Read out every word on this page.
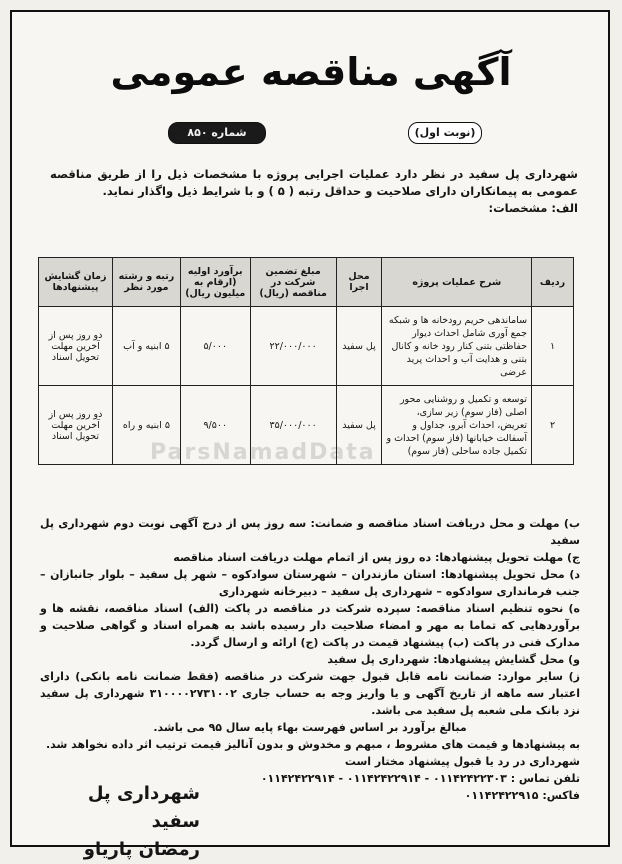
آگهی مناقصه عمومی
(نوبت اول)
شماره ۸۵۰

شهرداری پل سفید در نظر دارد عملیات اجرایی پروژه با مشخصات ذیل را از طریق مناقصه عمومی به پیمانکاران دارای صلاحیت و حداقل رتبه ( ۵ ) و با شرایط ذیل واگذار نماید.

الف: مشخصات:

ParsNamadData
ردیف	شرح عملیات پروژه	محل اجرا	مبلغ تضمین شرکت در مناقصه (ریال)	برآورد اولیه (ارقام به میلیون ریال)	رتبه و رشته مورد نظر	زمان گشایش پیشنهادها
۱	ساماندهی حریم رودخانه ها و شبکه جمع آوری شامل احداث دیوار حفاظتی بتنی کنار رود خانه و کانال بتنی و هدایت آب و احداث پرید عرضی	پل سفید	۲۲/۰۰۰/۰۰۰	۵/۰۰۰	۵ ابنیه و آب	دو روز پس از آخرین مهلت تحویل اسناد
۲	توسعه و تکمیل و روشنایی محور اصلی (فاز سوم) زیر سازی، تعریض، احداث آبرو، جداول و آسفالت خیابانها (فاز سوم) احداث و تکمیل جاده ساحلی (فاز سوم)	پل سفید	۳۵/۰۰۰/۰۰۰	۹/۵۰۰	۵ ابنیه و راه	دو روز پس از آخرین مهلت تحویل اسناد

ب) مهلت و محل دریافت اسناد مناقصه و ضمانت: سه روز پس از درج آگهی نوبت دوم شهرداری پل سفید

ج) مهلت تحویل پیشنهادها: ده روز پس از اتمام مهلت دریافت اسناد مناقصه

د) محل تحویل پیشنهادها: استان مازندران – شهرستان سوادکوه – شهر پل سفید – بلوار جانبازان – جنب فرمانداری سوادکوه – شهرداری پل سفید – دبیرخانه شهرداری

ه) نحوه تنظیم اسناد مناقصه: سپرده شرکت در مناقصه در پاکت (الف) اسناد مناقصه، نقشه ها و برآوردهایی که تماما به مهر و امضاء صلاحیت دار رسیده باشد به همراه اسناد و گواهی صلاحیت و مدارک فنی در پاکت (ب) پیشنهاد قیمت در پاکت (ج) ارائه و ارسال گردد.

و) محل گشایش پیشنهادها: شهرداری پل سفید

ز) سایر موارد: ضمانت نامه قابل قبول جهت شرکت در مناقصه (فقط ضمانت نامه بانکی) دارای اعتبار سه ماهه از تاریخ آگهی و یا واریز وجه به حساب جاری ۳۱۰۰۰۰۲۷۳۱۰۰۲ شهرداری پل سفید نزد بانک ملی شعبه پل سفید می باشد.

مبالغ برآورد بر اساس فهرست بهاء پایه سال ۹۵ می باشد.

به پیشنهادها و قیمت های مشروط ، مبهم و مخدوش و بدون آنالیز قیمت ترتیب اثر داده نخواهد شد.

شهرداری در رد یا قبول پیشنهاد مختار است

تلفن تماس : ۰۱۱۴۲۴۲۲۳۰۳ - ۰۱۱۴۲۴۲۲۹۱۴ - ۰۱۱۴۲۴۲۲۹۱۴

فاکس: ۰۱۱۴۲۴۲۲۹۱۵

شهرداری پل سفید
رمضان پاریاو
